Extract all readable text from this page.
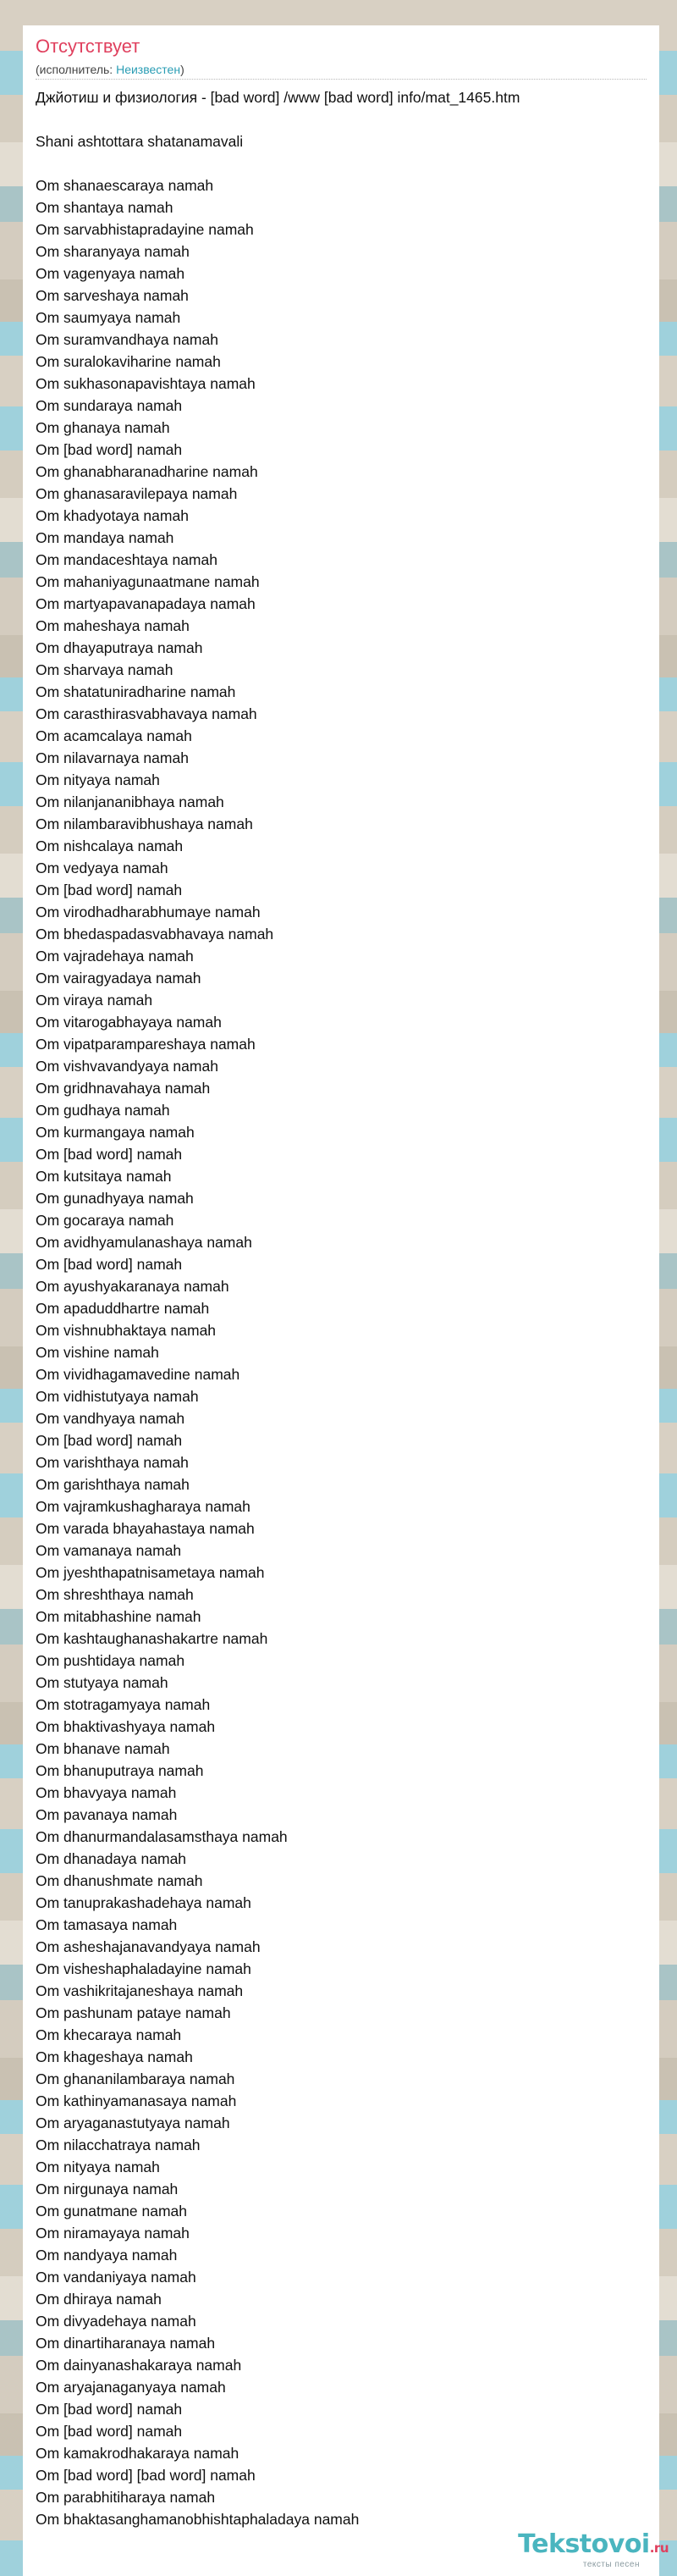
Отсутствует
(исполнитель: Неизвестен)
Джйотиш и физиология - [bad word] /www [bad word] info/mat_1465.htm
Shani ashtottara shatanamavali
Om shanaescaraya namah
Om shantaya namah
Om sarvabhistapradayine namah
Om sharanyaya namah
Om vagenyaya namah
Om sarveshaya namah
Om saumyaya namah
Om suramvandhaya namah
Om suralokaviharine namah
Om sukhasonapavishtaya namah
Om sundaraya namah
Om ghanaya namah
Om [bad word] namah
Om ghanabharanadharine namah
Om ghanasaravilepaya namah
Om khadyotaya namah
Om mandaya namah
Om mandaceshtaya namah
Om mahaniyagunaatmane namah
Om martyapavanapadaya namah
Om maheshaya namah
Om dhayaputraya namah
Om sharvaya namah
Om shatatuniradharine namah
Om carasthirasvabhavaya namah
Om acamcalaya namah
Om nilavarnaya namah
Om nityaya namah
Om nilanjananibhaya namah
Om nilambaravibhushaya namah
Om nishcalaya namah
Om vedyaya namah
Om [bad word] namah
Om virodhadharabhumaye namah
Om bhedaspadasvabhavaya namah
Om vajradehaya namah
Om vairagyadaya namah
Om viraya namah
Om vitarogabhayaya namah
Om vipatparampareshaya namah
Om vishvavandyaya namah
Om gridhnavahaya namah
Om gudhaya namah
Om kurmangaya namah
Om [bad word] namah
Om kutsitaya namah
Om gunadhyaya namah
Om gocaraya namah
Om avidhyamulanashaya namah
Om [bad word] namah
Om ayushyakaranaya namah
Om apaduddhartre namah
Om vishnubhaktaya namah
Om vishine namah
Om vividhagamavedine namah
Om vidhistutyaya namah
Om vandhyaya namah
Om [bad word] namah
Om varishthaya namah
Om garishthaya namah
Om vajramkushagharaya namah
Om varada bhayahastaya namah
Om vamanaya namah
Om jyeshthapatnisametaya namah
Om shreshthaya namah
Om mitabhashine namah
Om kashtaughanashakartre namah
Om pushtidaya namah
Om stutyaya namah
Om stotragamyaya namah
Om bhaktivashyaya namah
Om bhanave namah
Om bhanuputraya namah
Om bhavyaya namah
Om pavanaya namah
Om dhanurmandalasamsthaya namah
Om dhanadaya namah
Om dhanushmate namah
Om tanuprakashadehaya namah
Om tamasaya namah
Om asheshajanavandyaya namah
Om visheshaphaladayine namah
Om vashikritajaneshaya namah
Om pashunam pataye namah
Om khecaraya namah
Om khageshaya namah
Om ghananilambaraya namah
Om kathinyamanasaya namah
Om aryaganastutyaya namah
Om nilacchatraya namah
Om nityaya namah
Om nirgunaya namah
Om gunatmane namah
Om niramayaya namah
Om nandyaya namah
Om vandaniyaya namah
Om dhiraya namah
Om divyadehaya namah
Om dinartiharanaya namah
Om dainyanashakaraya namah
Om aryajanaganyaya namah
Om [bad word] namah
Om [bad word] namah
Om kamakrodhakaraya namah
Om [bad word] [bad word] namah
Om parabhitiharaya namah
Om bhaktasanghamanobhishtaphaladaya namah
Tekstovoi.ru
тексты песен
